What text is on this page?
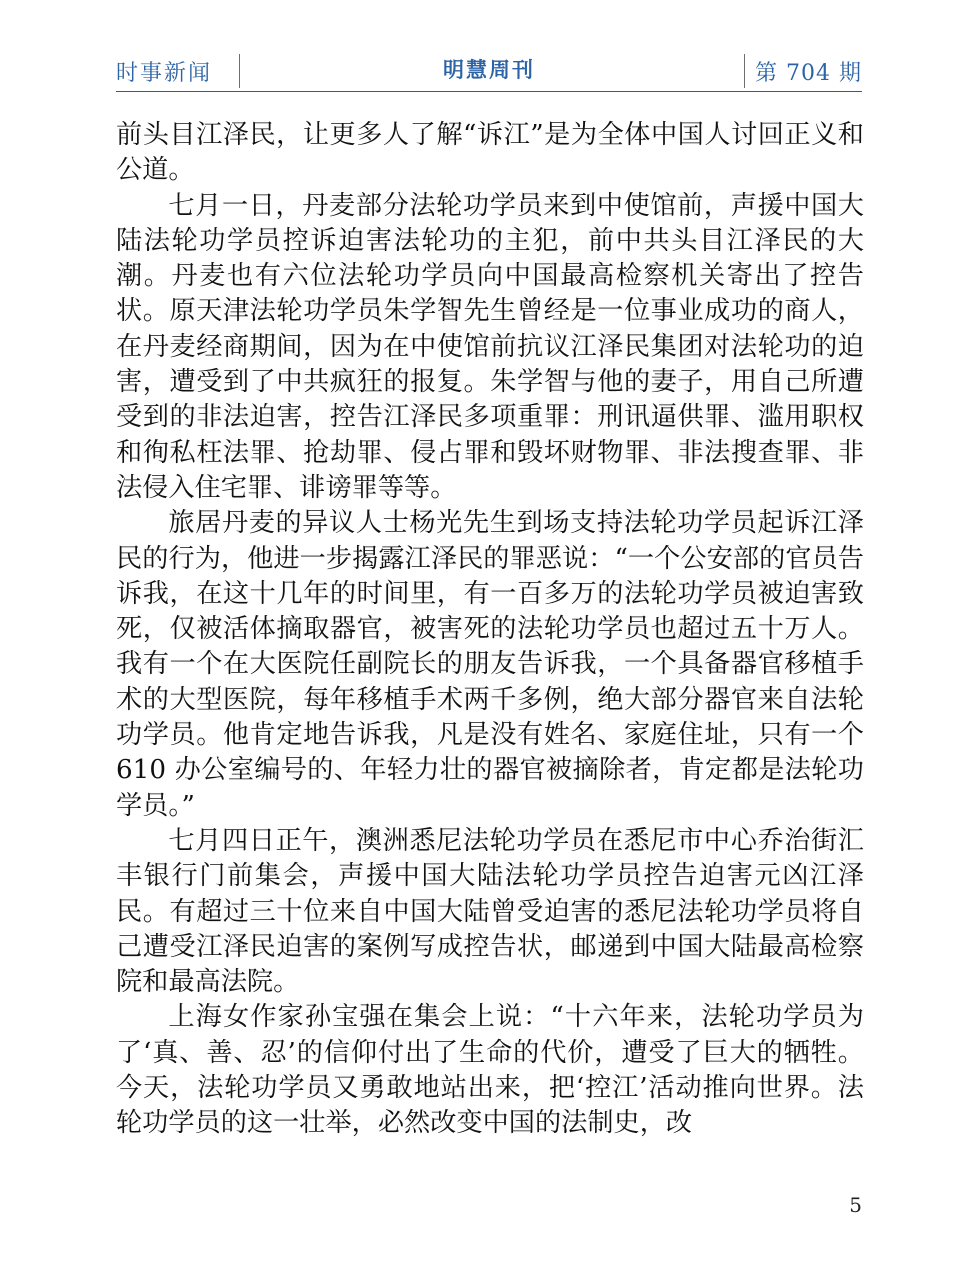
时事新闻	明慧周刊	第 704 期

前头目江泽民，让更多人了解“诉江”是为全体中国人讨回正义和公道。

七月一日，丹麦部分法轮功学员来到中使馆前，声援中国大陆法轮功学员控诉迫害法轮功的主犯，前中共头目江泽民的大潮。丹麦也有六位法轮功学员向中国最高检察机关寄出了控告状。原天津法轮功学员朱学智先生曾经是一位事业成功的商人，在丹麦经商期间，因为在中使馆前抗议江泽民集团对法轮功的迫害，遭受到了中共疯狂的报复。朱学智与他的妻子，用自己所遭受到的非法迫害，控告江泽民多项重罪：刑讯逼供罪、滥用职权和徇私枉法罪、抢劫罪、侵占罪和毁坏财物罪、非法搜查罪、非法侵入住宅罪、诽谤罪等等。

旅居丹麦的异议人士杨光先生到场支持法轮功学员起诉江泽民的行为，他进一步揭露江泽民的罪恶说：“一个公安部的官员告诉我，在这十几年的时间里，有一百多万的法轮功学员被迫害致死，仅被活体摘取器官，被害死的法轮功学员也超过五十万人。我有一个在大医院任副院长的朋友告诉我，一个具备器官移植手术的大型医院，每年移植手术两千多例，绝大部分器官来自法轮功学员。他肯定地告诉我，凡是没有姓名、家庭住址，只有一个 610 办公室编号的、年轻力壮的器官被摘除者，肯定都是法轮功学员。”

七月四日正午，澳洲悉尼法轮功学员在悉尼市中心乔治街汇丰银行门前集会，声援中国大陆法轮功学员控告迫害元凶江泽民。有超过三十位来自中国大陆曾受迫害的悉尼法轮功学员将自己遭受江泽民迫害的案例写成控告状，邮递到中国大陆最高检察院和最高法院。

上海女作家孙宝强在集会上说：“十六年来，法轮功学员为了‘真、善、忍’的信仰付出了生命的代价，遭受了巨大的牺牲。今天，法轮功学员又勇敢地站出来，把‘控江’活动推向世界。法轮功学员的这一壮举，必然改变中国的法制史，改

5
